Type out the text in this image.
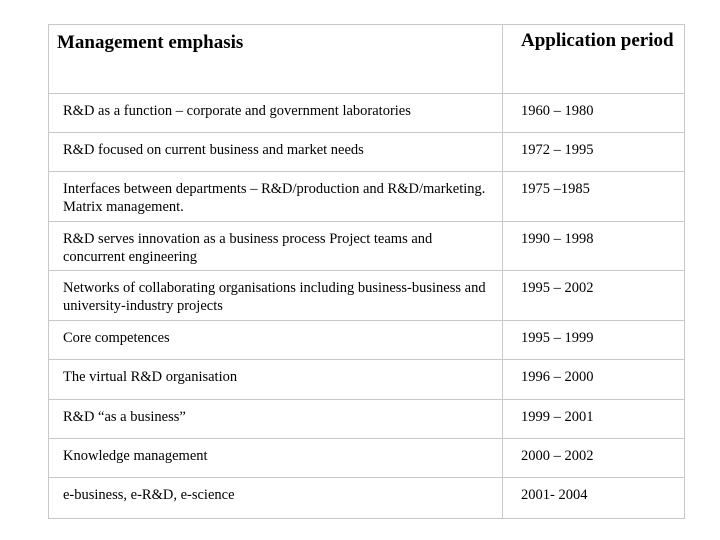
Management emphasis	Application period
R&D as a function – corporate and government laboratories	1960 – 1980
R&D focused on current business and market needs	1972 – 1995
Interfaces between departments – R&D/production and R&D/marketing. Matrix management.	1975 –1985
R&D serves innovation as a business process Project teams and concurrent engineering	1990 – 1998
Networks of collaborating organisations including business-business and university-industry projects	1995 – 2002
Core competences	1995 – 1999
The virtual R&D organisation	1996 – 2000
R&D “as a business”	1999 – 2001
Knowledge management	2000 – 2002
e-business, e-R&D, e-science	2001- 2004
